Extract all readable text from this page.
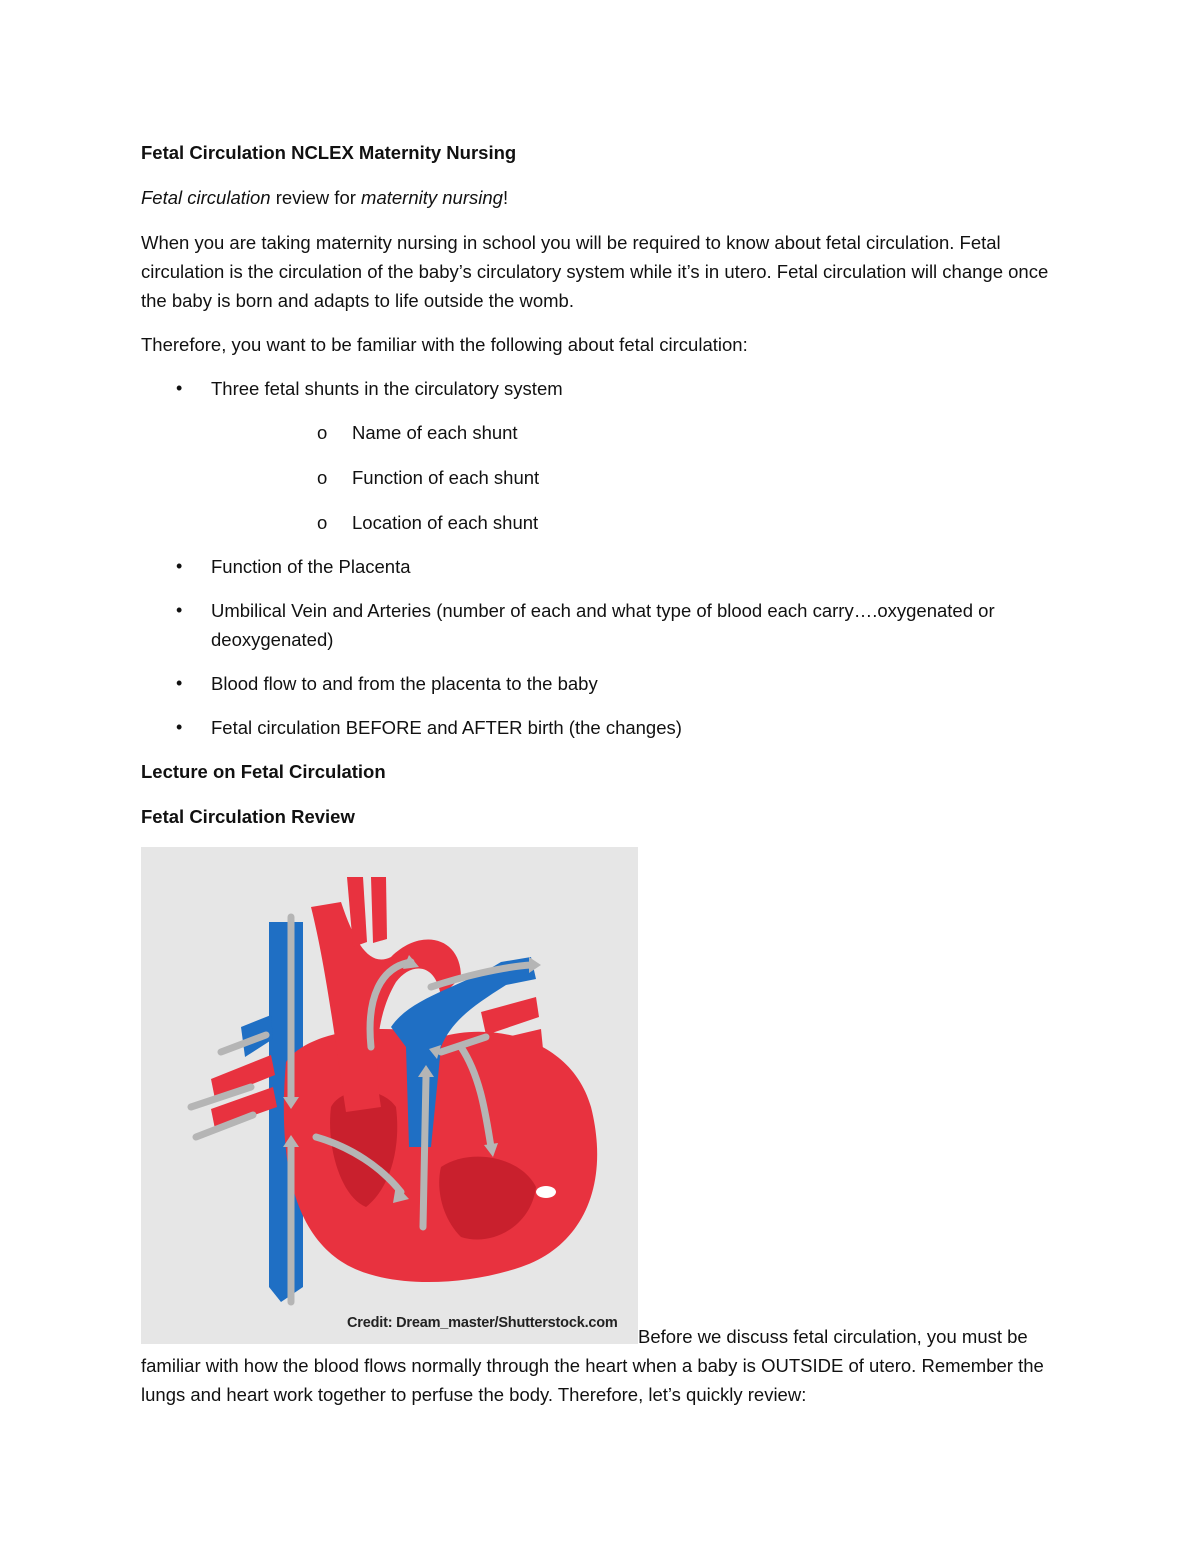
Fetal Circulation NCLEX Maternity Nursing

Fetal circulation review for maternity nursing!

When you are taking maternity nursing in school you will be required to know about fetal circulation. Fetal circulation is the circulation of the baby’s circulatory system while it’s in utero. Fetal circulation will change once the baby is born and adapts to life outside the womb.

Therefore, you want to be familiar with the following about fetal circulation:

• Three fetal shunts in the circulatory system
o Name of each shunt
o Function of each shunt
o Location of each shunt
• Function of the Placenta
• Umbilical Vein and Arteries (number of each and what type of blood each carry….oxygenated or deoxygenated)
• Blood flow to and from the placenta to the baby
• Fetal circulation BEFORE and AFTER birth (the changes)

Lecture on Fetal Circulation

Fetal Circulation Review

Credit: Dream_master/Shutterstock.com

Before we discuss fetal circulation, you must be familiar with how the blood flows normally through the heart when a baby is OUTSIDE of utero. Remember the lungs and heart work together to perfuse the body. Therefore, let’s quickly review:
